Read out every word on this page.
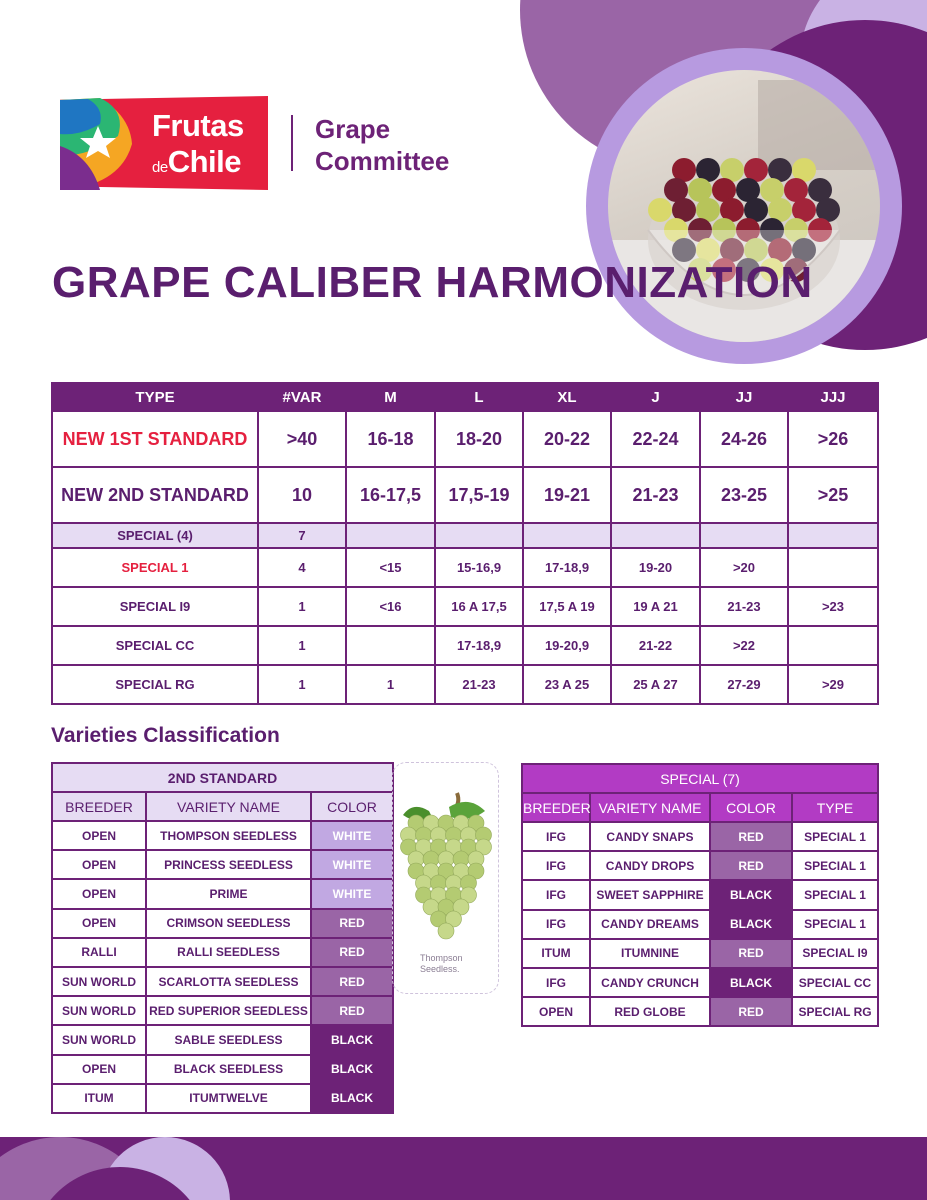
Frutas
deChile
Grape Committee
GRAPE CALIBER HARMONIZATION
TYPE	#VAR	M	L	XL	J	JJ	JJJ
NEW 1ST STANDARD	>40	16-18	18-20	20-22	22-24	24-26	>26
NEW 2ND STANDARD	10	16-17,5	17,5-19	19-21	21-23	23-25	>25
SPECIAL (4)	7						
SPECIAL 1	4	<15	15-16,9	17-18,9	19-20	>20	
SPECIAL I9	1	<16	16 A 17,5	17,5 A 19	19 A 21	21-23	>23
SPECIAL CC	1		17-18,9	19-20,9	21-22	>22	
SPECIAL RG	1	1	21-23	23 A 25	25 A 27	27-29	>29
Varieties Classification
2ND STANDARD		
BREEDER	VARIETY NAME	COLOR
OPEN	THOMPSON SEEDLESS	WHITE
OPEN	PRINCESS SEEDLESS	WHITE
OPEN	PRIME	WHITE
OPEN	CRIMSON SEEDLESS	RED
RALLI	RALLI SEEDLESS	RED
SUN WORLD	SCARLOTTA SEEDLESS	RED
SUN WORLD	RED SUPERIOR SEEDLESS	RED
SUN WORLD	SABLE SEEDLESS	BLACK
OPEN	BLACK SEEDLESS	BLACK
ITUM	ITUMTWELVE	BLACK
Thompson Seedless.
SPECIAL (7)			
BREEDER	VARIETY NAME	COLOR	TYPE
IFG	CANDY SNAPS	RED	SPECIAL 1
IFG	CANDY DROPS	RED	SPECIAL 1
IFG	SWEET SAPPHIRE	BLACK	SPECIAL 1
IFG	CANDY DREAMS	BLACK	SPECIAL 1
ITUM	ITUMNINE	RED	SPECIAL I9
IFG	CANDY CRUNCH	BLACK	SPECIAL CC
OPEN	RED GLOBE	RED	SPECIAL RG
